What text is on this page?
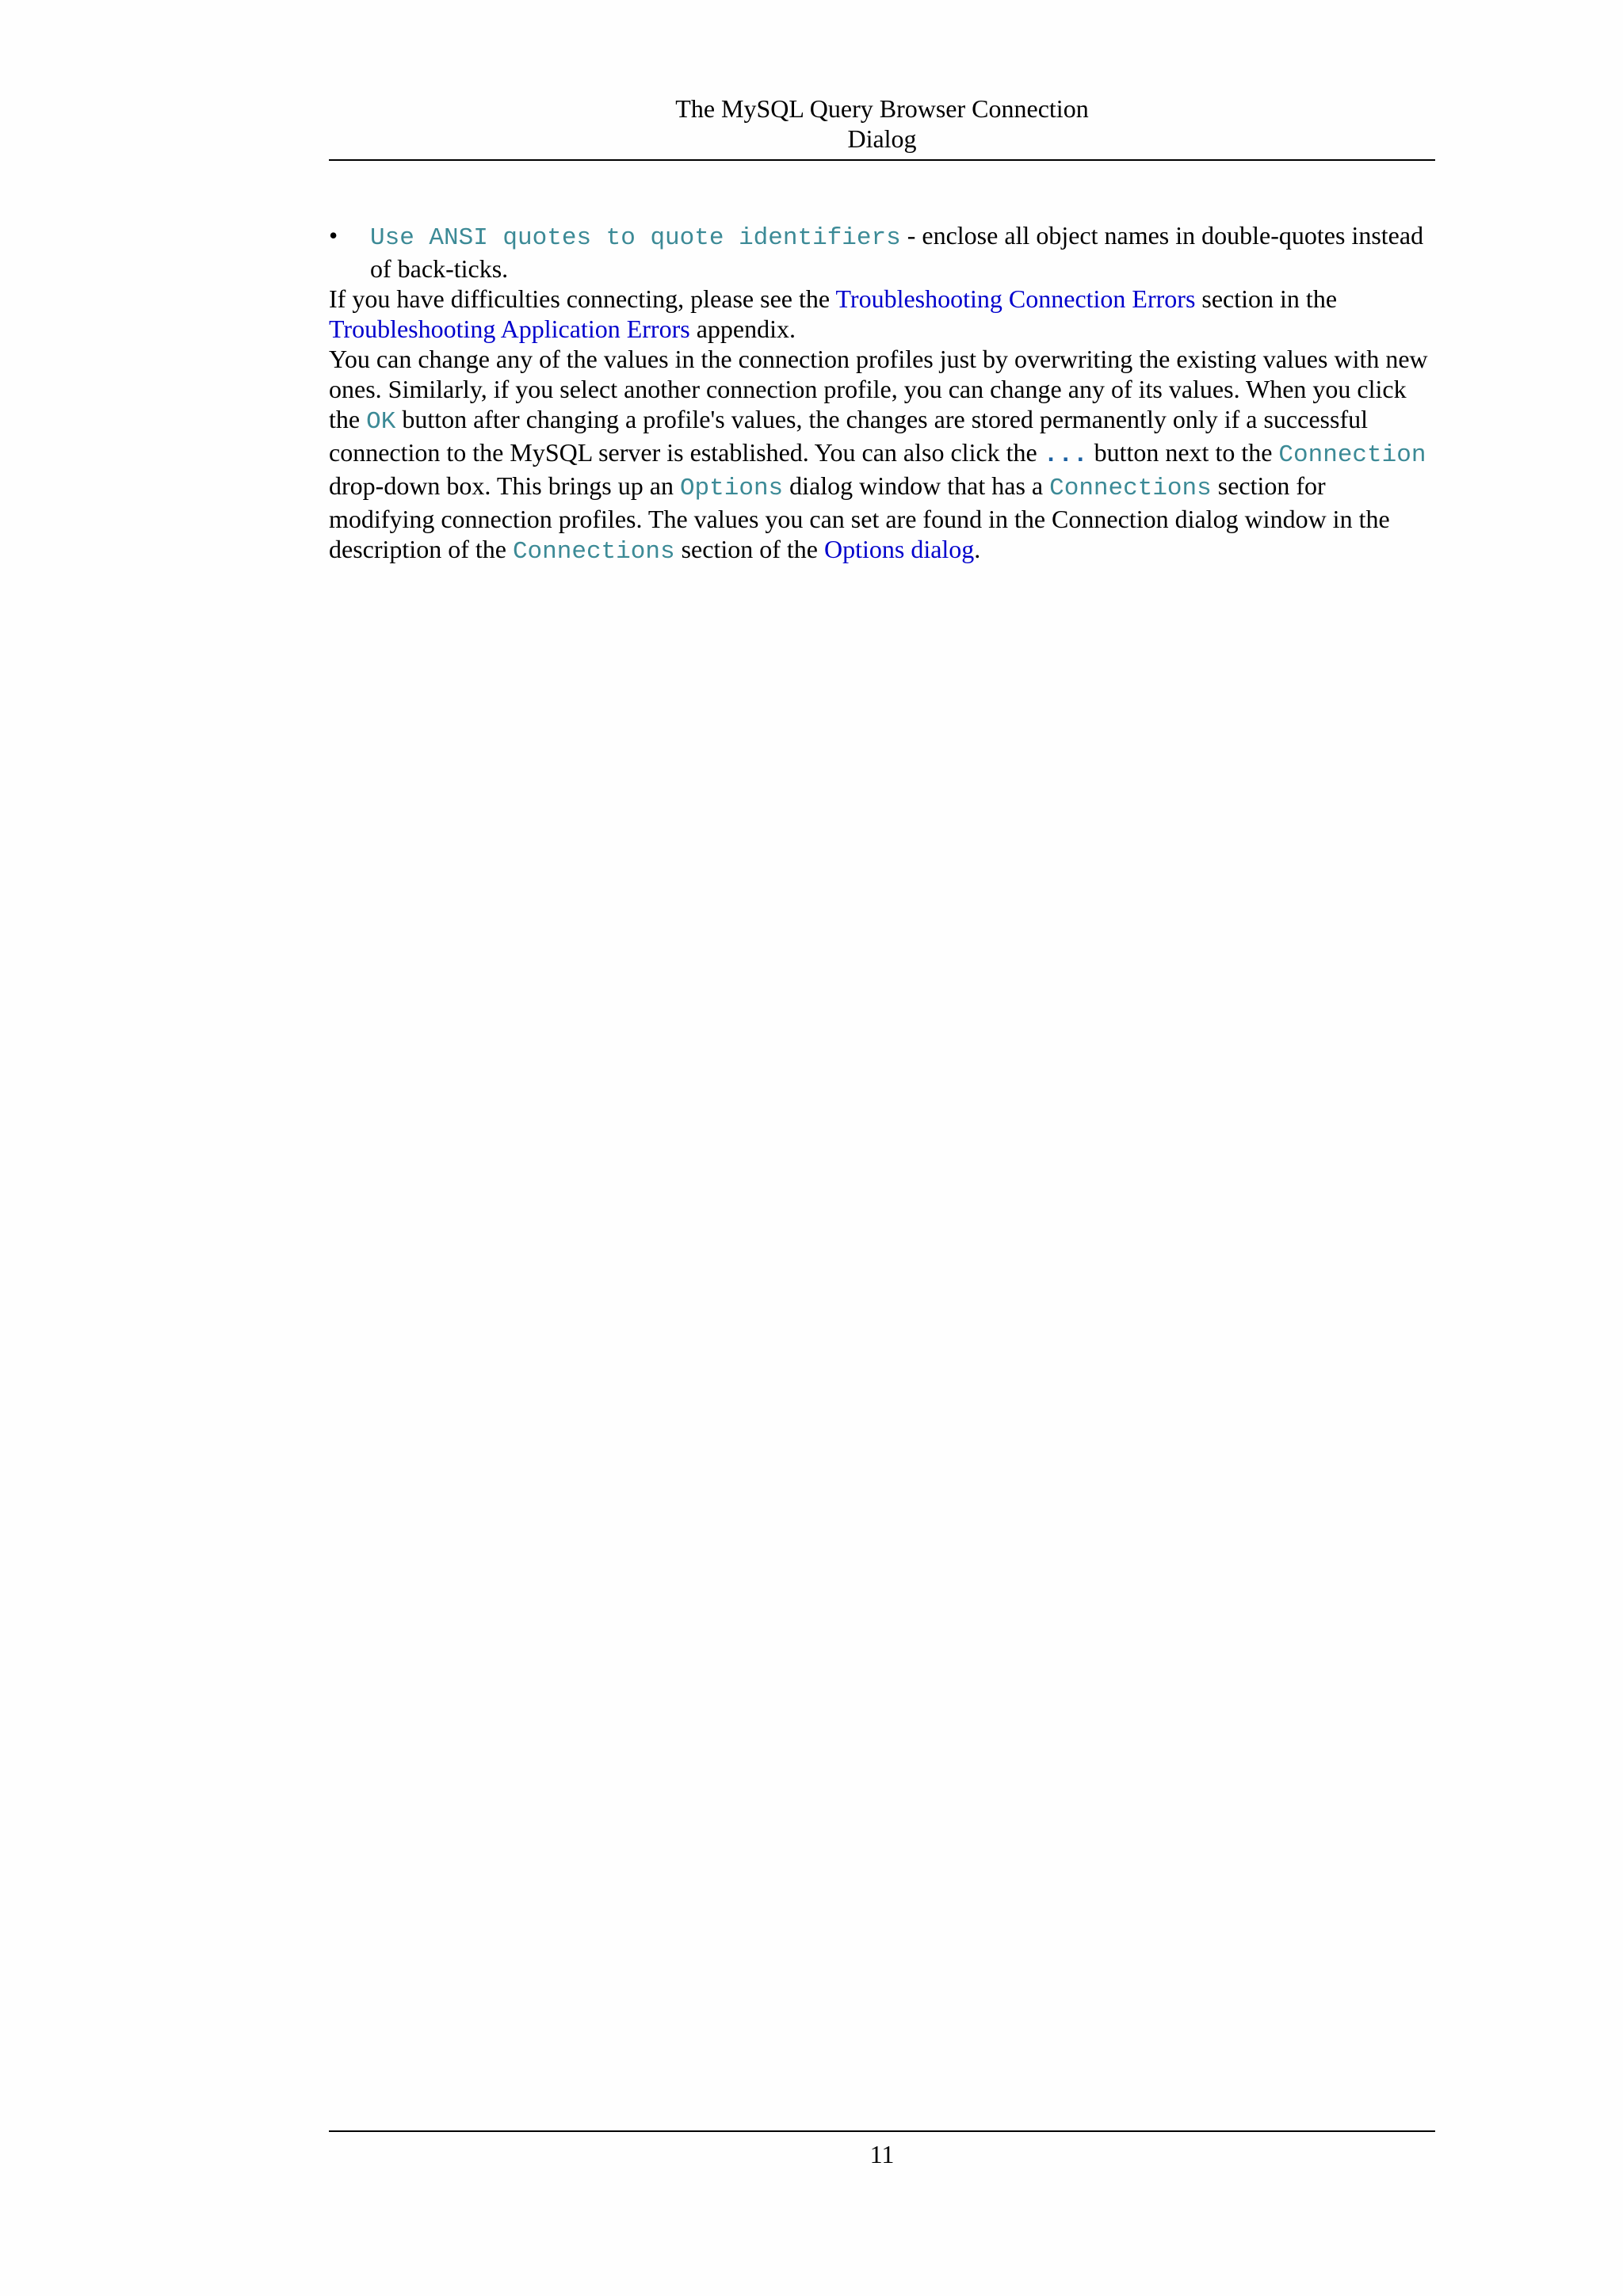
The MySQL Query Browser Connection
Dialog
• Use ANSI quotes to quote identifiers - enclose all object names in double-quotes instead of back-ticks.

If you have difficulties connecting, please see the Troubleshooting Connection Errors section in the Troubleshooting Application Errors appendix.

You can change any of the values in the connection profiles just by overwriting the existing values with new ones. Similarly, if you select another connection profile, you can change any of its values. When you click the OK button after changing a profile's values, the changes are stored permanently only if a successful connection to the MySQL server is established. You can also click the ... button next to the Connection drop-down box. This brings up an Options dialog window that has a Connections section for modifying connection profiles. The values you can set are found in the Connection dialog window in the description of the Connections section of the Options dialog.

11
